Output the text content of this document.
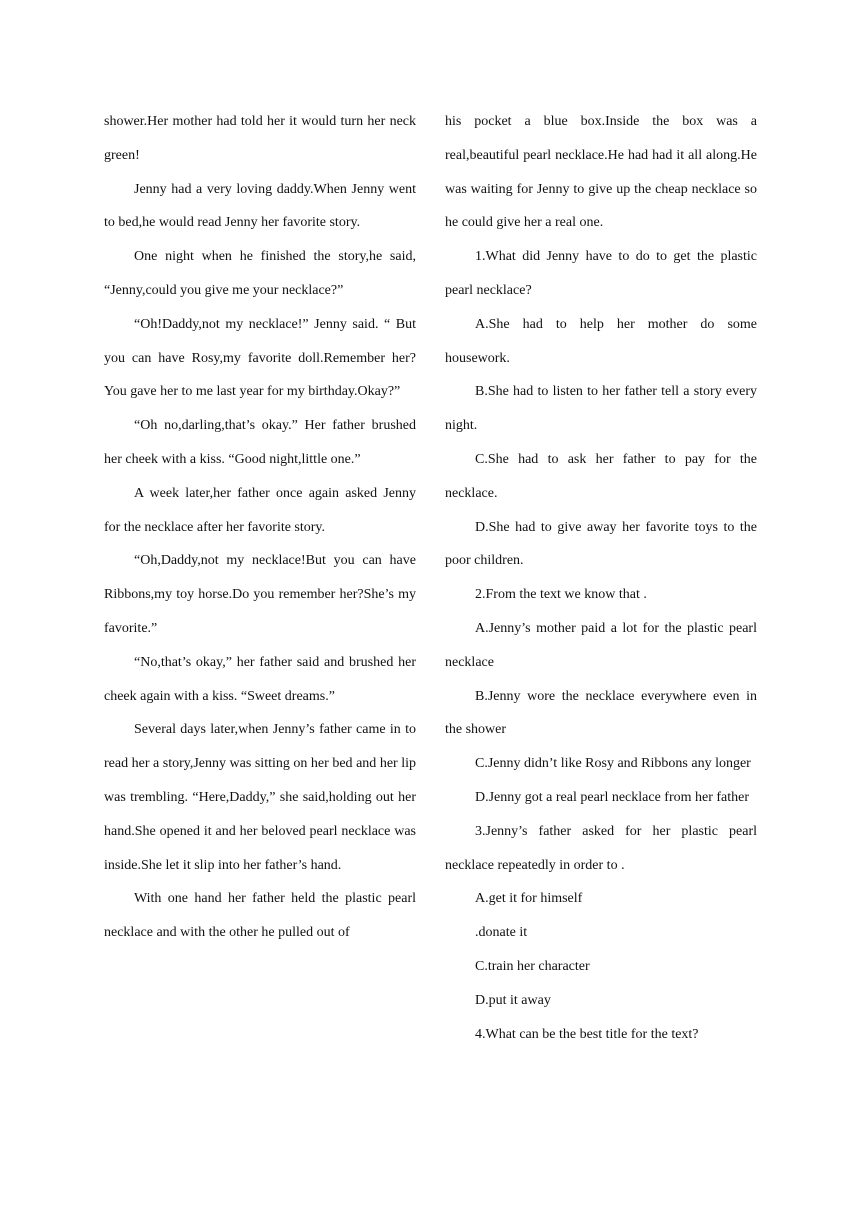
shower.Her mother had told her it would turn her neck green!

Jenny had a very loving daddy.When Jenny went to bed,he would read Jenny her favorite story.

One night when he finished the story,he said, “Jenny,could you give me your necklace?”

“Oh!Daddy,not my necklace!” Jenny said. “ But you can have Rosy,my favorite doll.Remember her?You gave her to me last year for my birthday.Okay?”

“Oh no,darling,that’s okay.” Her father brushed her cheek with a kiss. “Good night,little one.”

A week later,her father once again asked Jenny for the necklace after her favorite story.

“Oh,Daddy,not my necklace!But you can have Ribbons,my toy horse.Do you remember her?She’s my favorite.”

“No,that’s okay,” her father said and brushed her cheek again with a kiss. “Sweet dreams.”

Several days later,when Jenny’s father came in to read her a story,Jenny was sitting on her bed and her lip was trembling. “Here,Daddy,” she said,holding out her hand.She opened it and her beloved pearl necklace was inside.She let it slip into her father’s hand.

With one hand her father held the plastic pearl necklace and with the other he pulled out of

his pocket a blue box.Inside the box was a real,beautiful pearl necklace.He had had it all along.He was waiting for Jenny to give up the cheap necklace so he could give her a real one.

1.What did Jenny have to do to get the plastic pearl necklace?

A.She had to help her mother do some housework.

B.She had to listen to her father tell a story every night.

C.She had to ask her father to pay for the necklace.

D.She had to give away her favorite toys to the poor children.

2.From the text we know that .

A.Jenny’s mother paid a lot for the plastic pearl necklace

B.Jenny wore the necklace everywhere even in the shower

C.Jenny didn’t like Rosy and Ribbons any longer

D.Jenny got a real pearl necklace from her father

3.Jenny’s father asked for her plastic pearl necklace repeatedly in order to .

A.get it for himself

.donate it

C.train her character

D.put it away

4.What can be the best title for the text?
